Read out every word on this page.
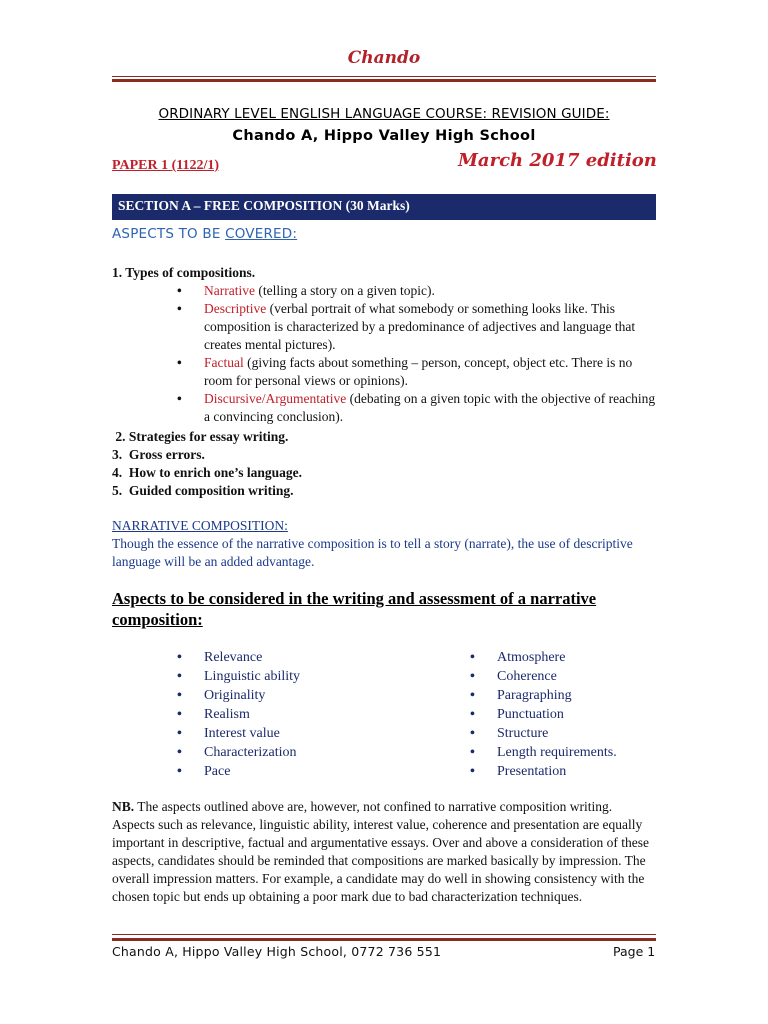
Chando
ORDINARY LEVEL ENGLISH LANGUAGE COURSE: REVISION GUIDE:
Chando A, Hippo Valley High School
PAPER 1 (1122/1)	March 2017 edition
SECTION A – FREE COMPOSITION (30 Marks)
ASPECTS TO BE COVERED:
1. Types of compositions.
• Narrative (telling a story on a given topic).
• Descriptive (verbal portrait of what somebody or something looks like. This composition is characterized by a predominance of adjectives and language that creates mental pictures).
• Factual (giving facts about something – person, concept, object etc. There is no room for personal views or opinions).
• Discursive/Argumentative (debating on a given topic with the objective of reaching a convincing conclusion).
2. Strategies for essay writing.
3.  Gross errors.
4.  How to enrich one’s language.
5.  Guided composition writing.
NARRATIVE COMPOSITION:
Though the essence of the narrative composition is to tell a story (narrate), the use of descriptive language will be an added advantage.
Aspects to be considered in the writing and assessment of a narrative composition:
• Relevance
• Linguistic ability
• Originality
• Realism
• Interest value
• Characterization
• Pace
• Atmosphere
• Coherence
• Paragraphing
• Punctuation
• Structure
• Length requirements.
• Presentation
NB. The aspects outlined above are, however, not confined to narrative composition writing. Aspects such as relevance, linguistic ability, interest value, coherence and presentation are equally important in descriptive, factual and argumentative essays. Over and above a consideration of these aspects, candidates should be reminded that compositions are marked basically by impression. The overall impression matters. For example, a candidate may do well in showing consistency with the chosen topic but ends up obtaining a poor mark due to bad characterization techniques.
Chando A, Hippo Valley High School, 0772 736 551	Page 1
